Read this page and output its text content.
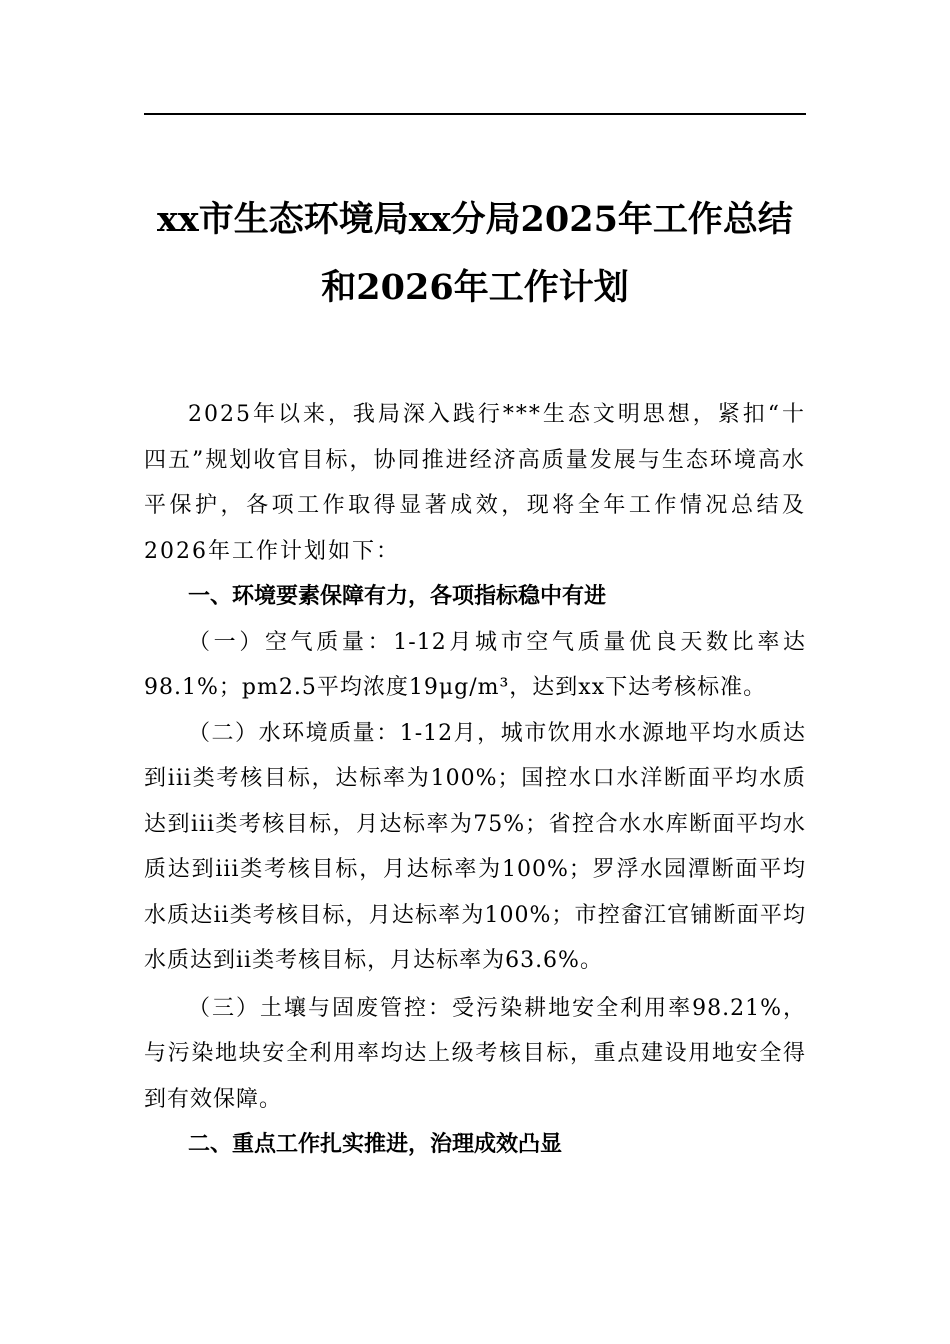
xx市生态环境局xx分局2025年工作总结
和2026年工作计划

2025年以来，我局深入践行***生态文明思想，紧扣“十四五”规划收官目标，协同推进经济高质量发展与生态环境高水平保护，各项工作取得显著成效，现将全年工作情况总结及2026年工作计划如下：

一、环境要素保障有力，各项指标稳中有进

（一）空气质量：1-12月城市空气质量优良天数比率达98.1%；pm2.5平均浓度19μg/m³，达到xx下达考核标准。

（二）水环境质量：1-12月，城市饮用水水源地平均水质达到iii类考核目标，达标率为100%；国控水口水洋断面平均水质达到iii类考核目标，月达标率为75%；省控合水水库断面平均水质达到iii类考核目标，月达标率为100%；罗浮水园潭断面平均水质达ii类考核目标，月达标率为100%；市控畲江官铺断面平均水质达到ii类考核目标，月达标率为63.6%。

（三）土壤与固废管控：受污染耕地安全利用率98.21%，与污染地块安全利用率均达上级考核目标，重点建设用地安全得到有效保障。

二、重点工作扎实推进，治理成效凸显
